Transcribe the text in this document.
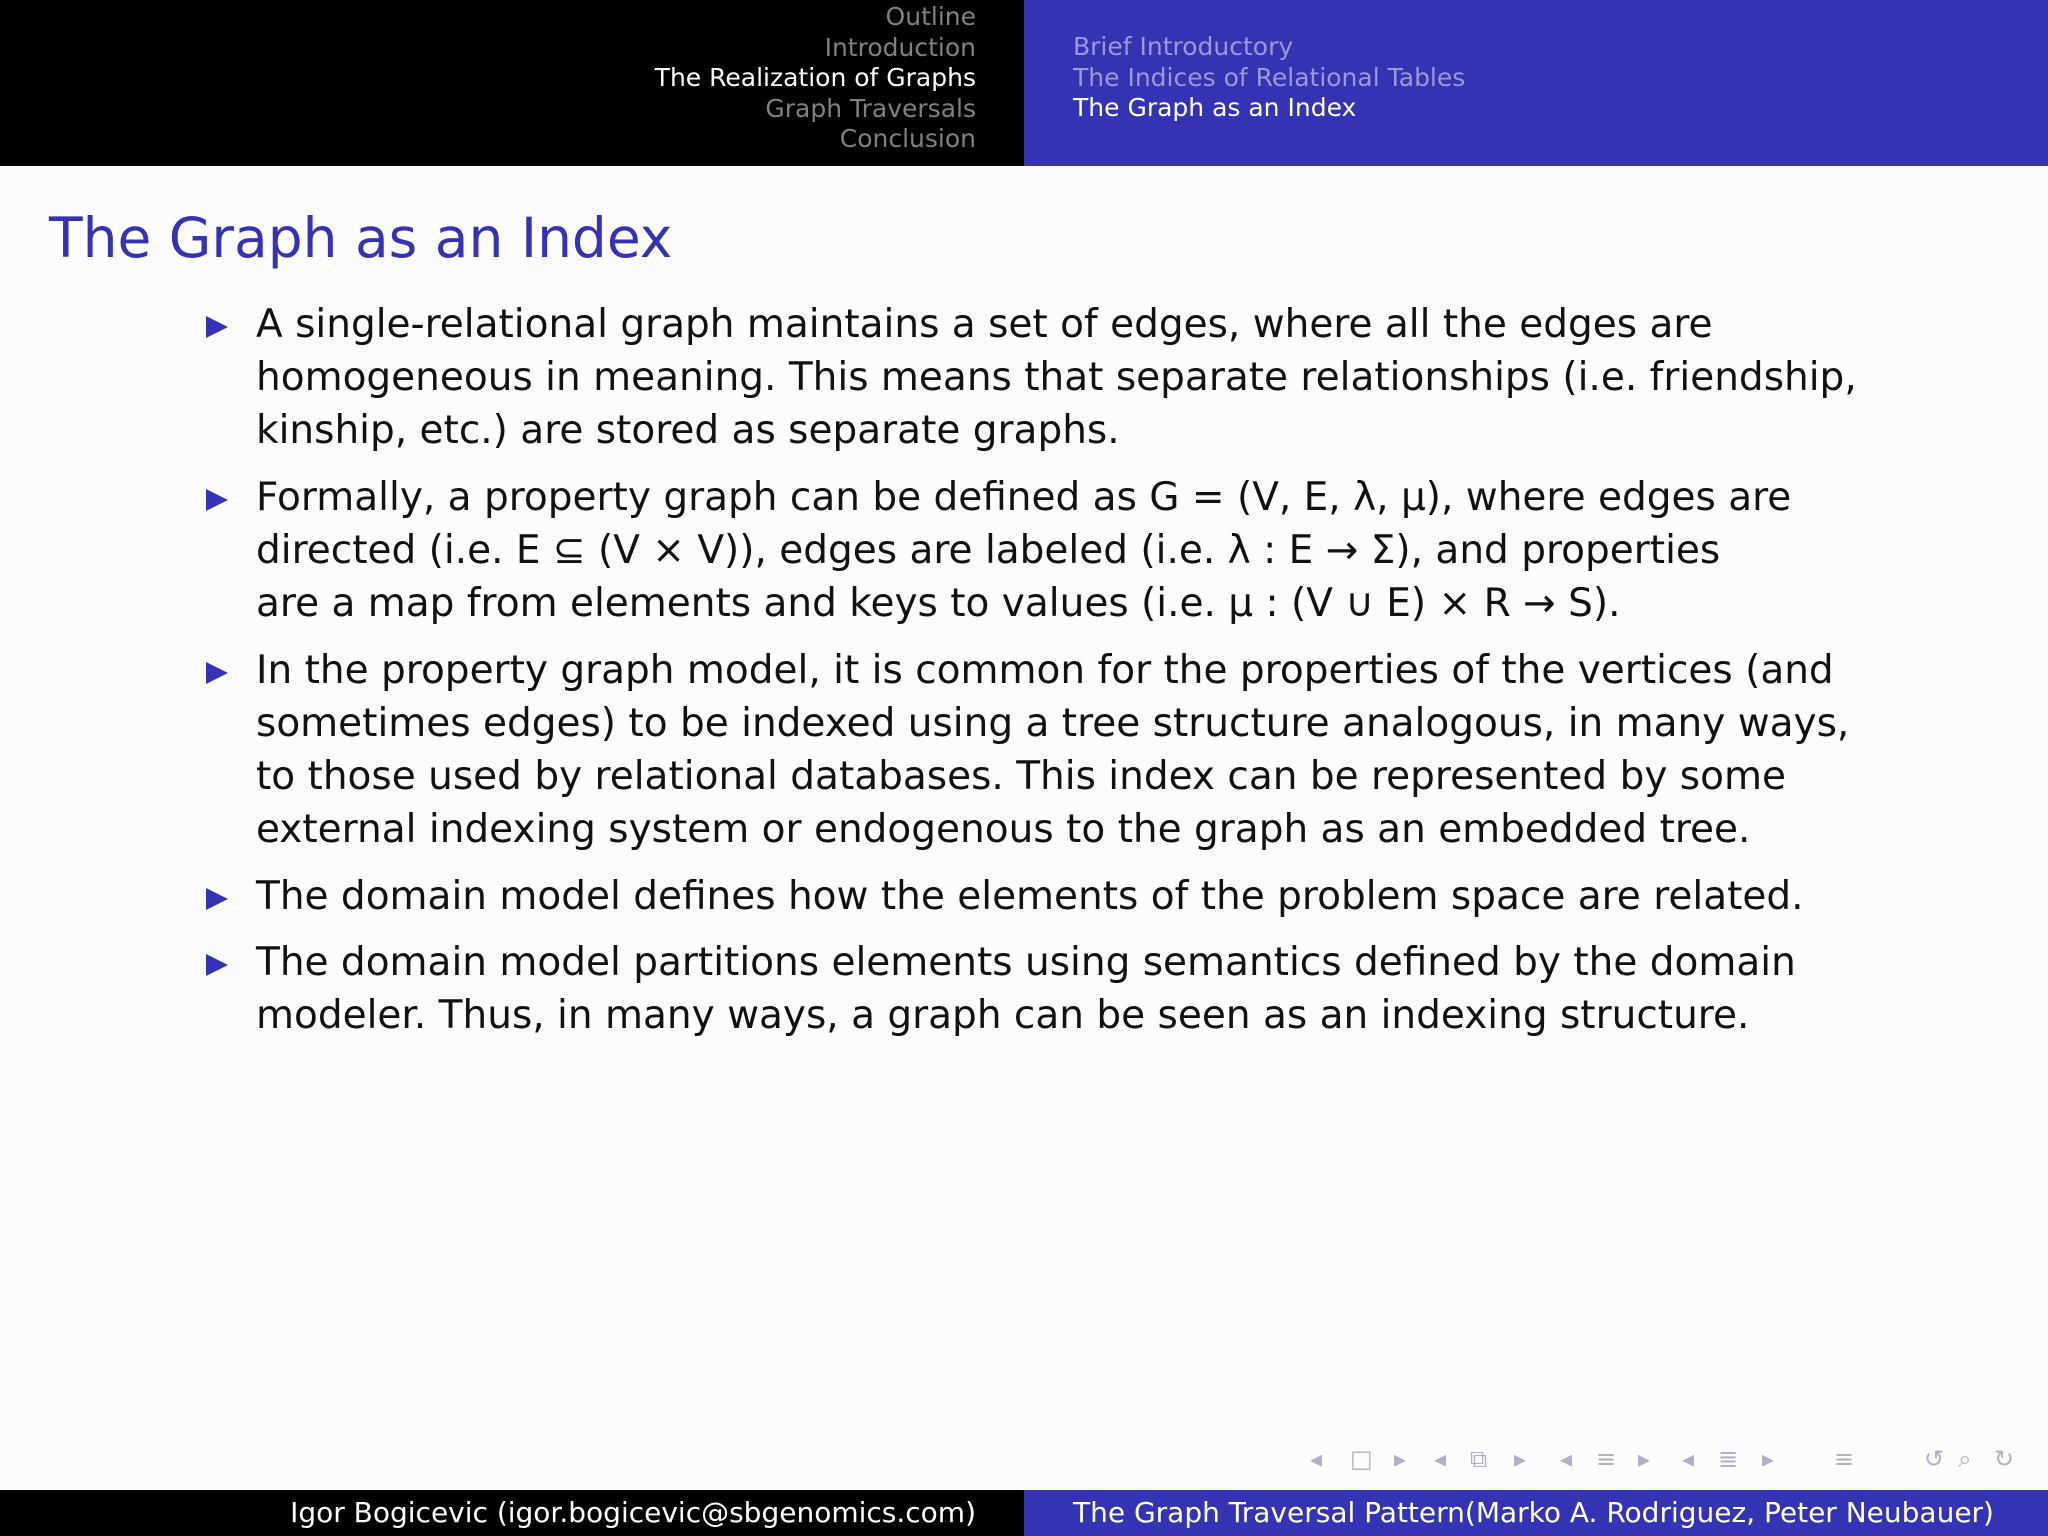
Outline
Introduction
The Realization of Graphs
Graph Traversals
Conclusion
Brief Introductory
The Indices of Relational Tables
The Graph as an Index
The Graph as an Index
A single-relational graph maintains a set of edges, where all the edges are
homogeneous in meaning. This means that separate relationships (i.e. friendship,
kinship, etc.) are stored as separate graphs.
Formally, a property graph can be defined as G = (V, E, λ, μ), where edges are
directed (i.e. E ⊆ (V × V)), edges are labeled (i.e. λ : E → Σ), and properties
are a map from elements and keys to values (i.e. μ : (V ∪ E) × R → S).
In the property graph model, it is common for the properties of the vertices (and
sometimes edges) to be indexed using a tree structure analogous, in many ways,
to those used by relational databases. This index can be represented by some
external indexing system or endogenous to the graph as an embedded tree.
The domain model defines how the elements of the problem space are related.
The domain model partitions elements using semantics defined by the domain
modeler. Thus, in many ways, a graph can be seen as an indexing structure.
◂ □ ▸ ◂ ⧉ ▸ ◂ ≡ ▸ ◂ ≣ ▸ ≡	↺ ⌕ ↻
Igor Bogicevic (igor.bogicevic@sbgenomics.com)	The Graph Traversal Pattern(Marko A. Rodriguez, Peter Neubauer)
